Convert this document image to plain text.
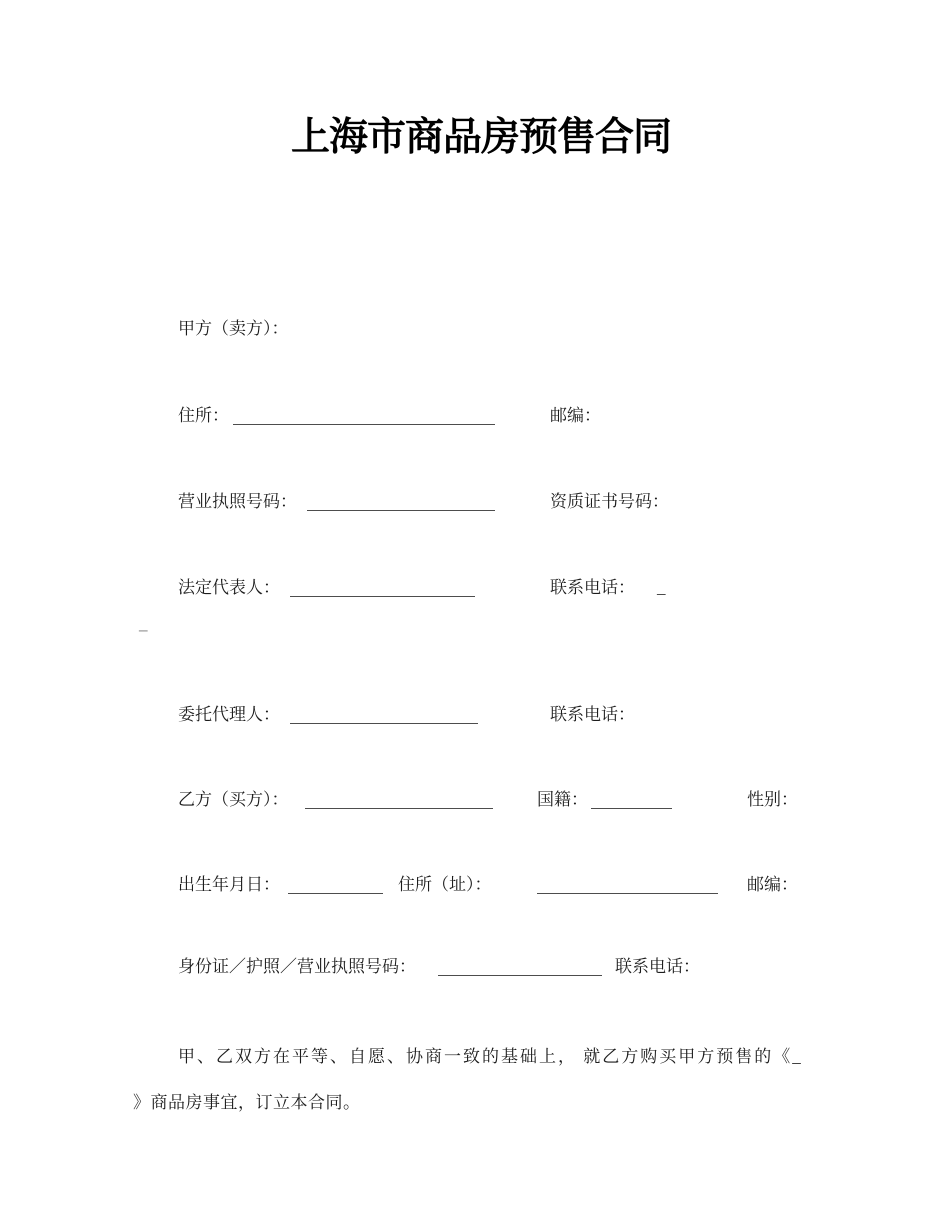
上海市商品房预售合同
甲方（卖方）：
住所：	邮编：
营业执照号码：	资质证书号码：
法定代表人：	联系电话： _
_
委托代理人：	联系电话：
乙方（买方）：	国籍：	性别：
出生年月日：	住所（址）：	邮编：
身份证／护照／营业执照号码：	联系电话：
甲、乙双方在平等、自愿、协商一致的基础上， 就乙方购买甲方预售的《_
》商品房事宜，订立本合同。
